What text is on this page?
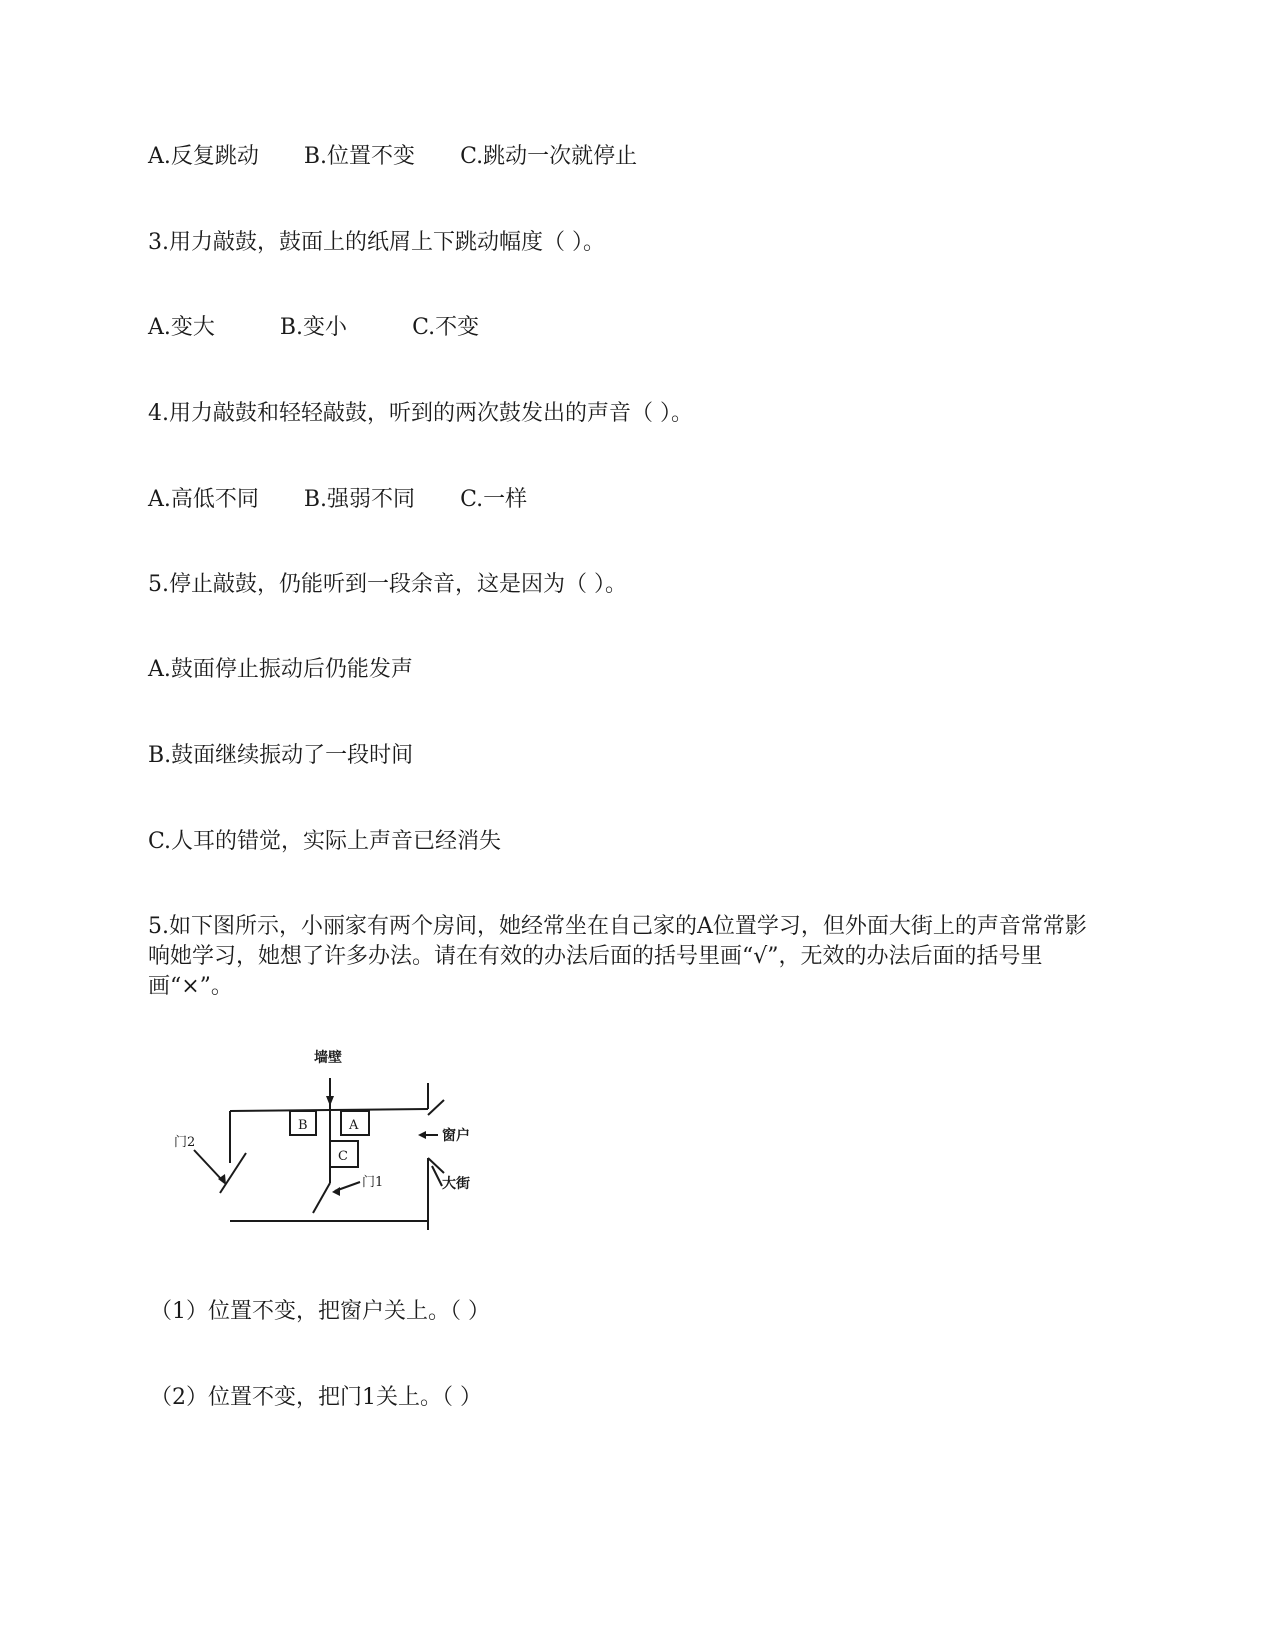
A.反复跳动 B.位置不变 C.跳动一次就停止
3.用力敲鼓，鼓面上的纸屑上下跳动幅度（ ）。
A.变大	B.变小	C.不变
4.用力敲鼓和轻轻敲鼓，听到的两次鼓发出的声音（ ）。
A.高低不同 B.强弱不同 C.一样
5.停止敲鼓，仍能听到一段余音，这是因为（ ）。
A.鼓面停止振动后仍能发声
B.鼓面继续振动了一段时间
C.人耳的错觉，实际上声音已经消失
5.如下图所示，小丽家有两个房间，她经常坐在自己家的A位置学习，但外面大街上的声音常常影响她学习，她想了许多办法。请在有效的办法后面的括号里画“√”，无效的办法后面的括号里画“×”。
墙壁
B	A
C
门2
门1
窗户
大街
（1）位置不变，把窗户关上。（ ）
（2）位置不变，把门1关上。（ ）
